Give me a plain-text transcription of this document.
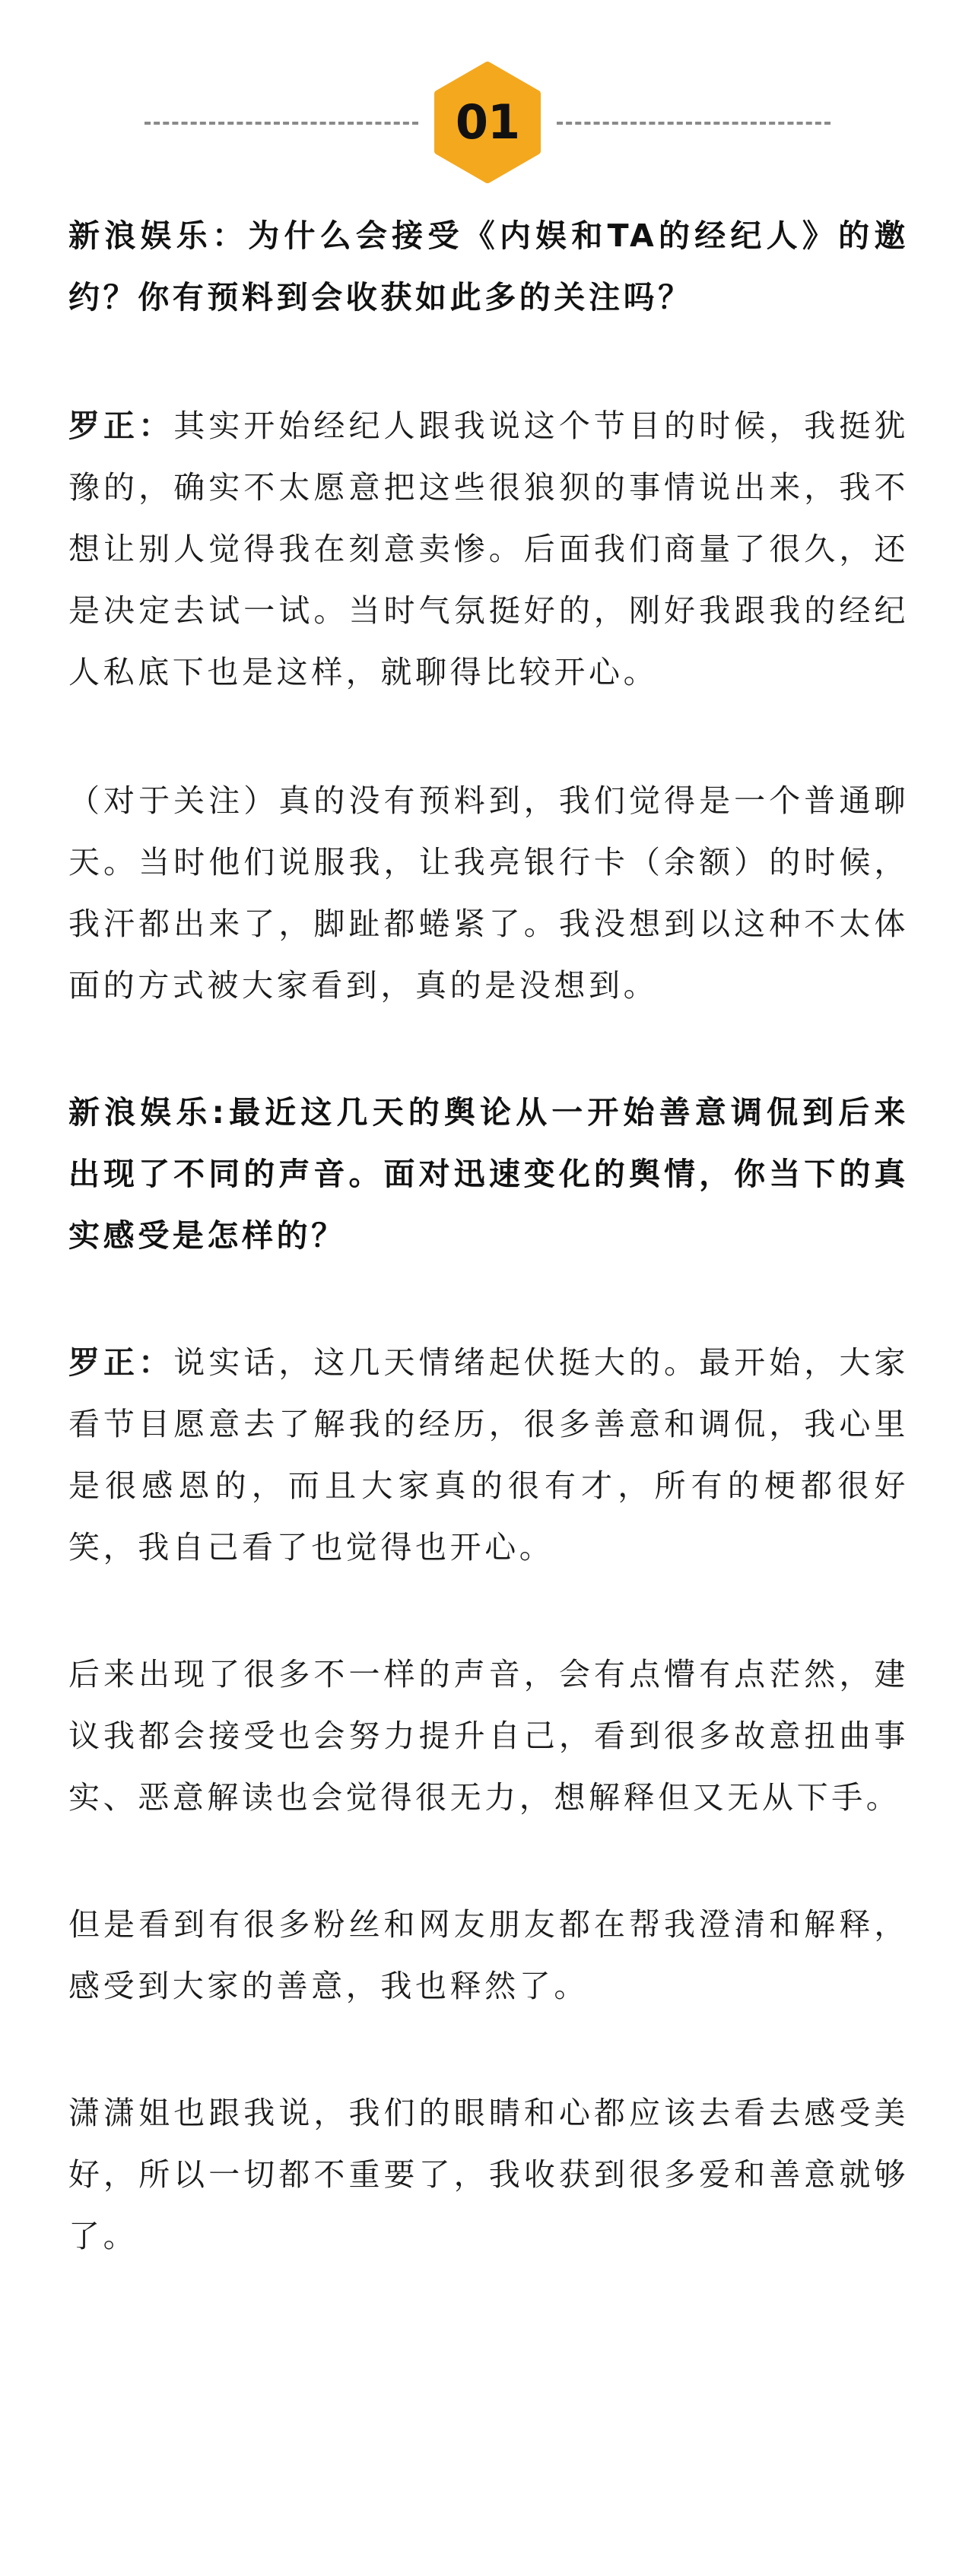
01

新浪娱乐：为什么会接受《内娱和TA的经纪人》的邀约？你有预料到会收获如此多的关注吗？

罗正：其实开始经纪人跟我说这个节目的时候，我挺犹豫的，确实不太愿意把这些很狼狈的事情说出来，我不想让别人觉得我在刻意卖惨。后面我们商量了很久，还是决定去试一试。当时气氛挺好的，刚好我跟我的经纪人私底下也是这样，就聊得比较开心。

（对于关注）真的没有预料到，我们觉得是一个普通聊天。当时他们说服我，让我亮银行卡（余额）的时候，我汗都出来了，脚趾都蜷紧了。我没想到以这种不太体面的方式被大家看到，真的是没想到。

新浪娱乐:最近这几天的舆论从一开始善意调侃到后来出现了不同的声音。面对迅速变化的舆情，你当下的真实感受是怎样的？

罗正：说实话，这几天情绪起伏挺大的。最开始，大家看节目愿意去了解我的经历，很多善意和调侃，我心里是很感恩的，而且大家真的很有才，所有的梗都很好笑，我自己看了也觉得也开心。

后来出现了很多不一样的声音，会有点懵有点茫然，建议我都会接受也会努力提升自己，看到很多故意扭曲事实、恶意解读也会觉得很无力，想解释但又无从下手。

但是看到有很多粉丝和网友朋友都在帮我澄清和解释，感受到大家的善意，我也释然了。

潇潇姐也跟我说，我们的眼睛和心都应该去看去感受美好，所以一切都不重要了，我收获到很多爱和善意就够了。
